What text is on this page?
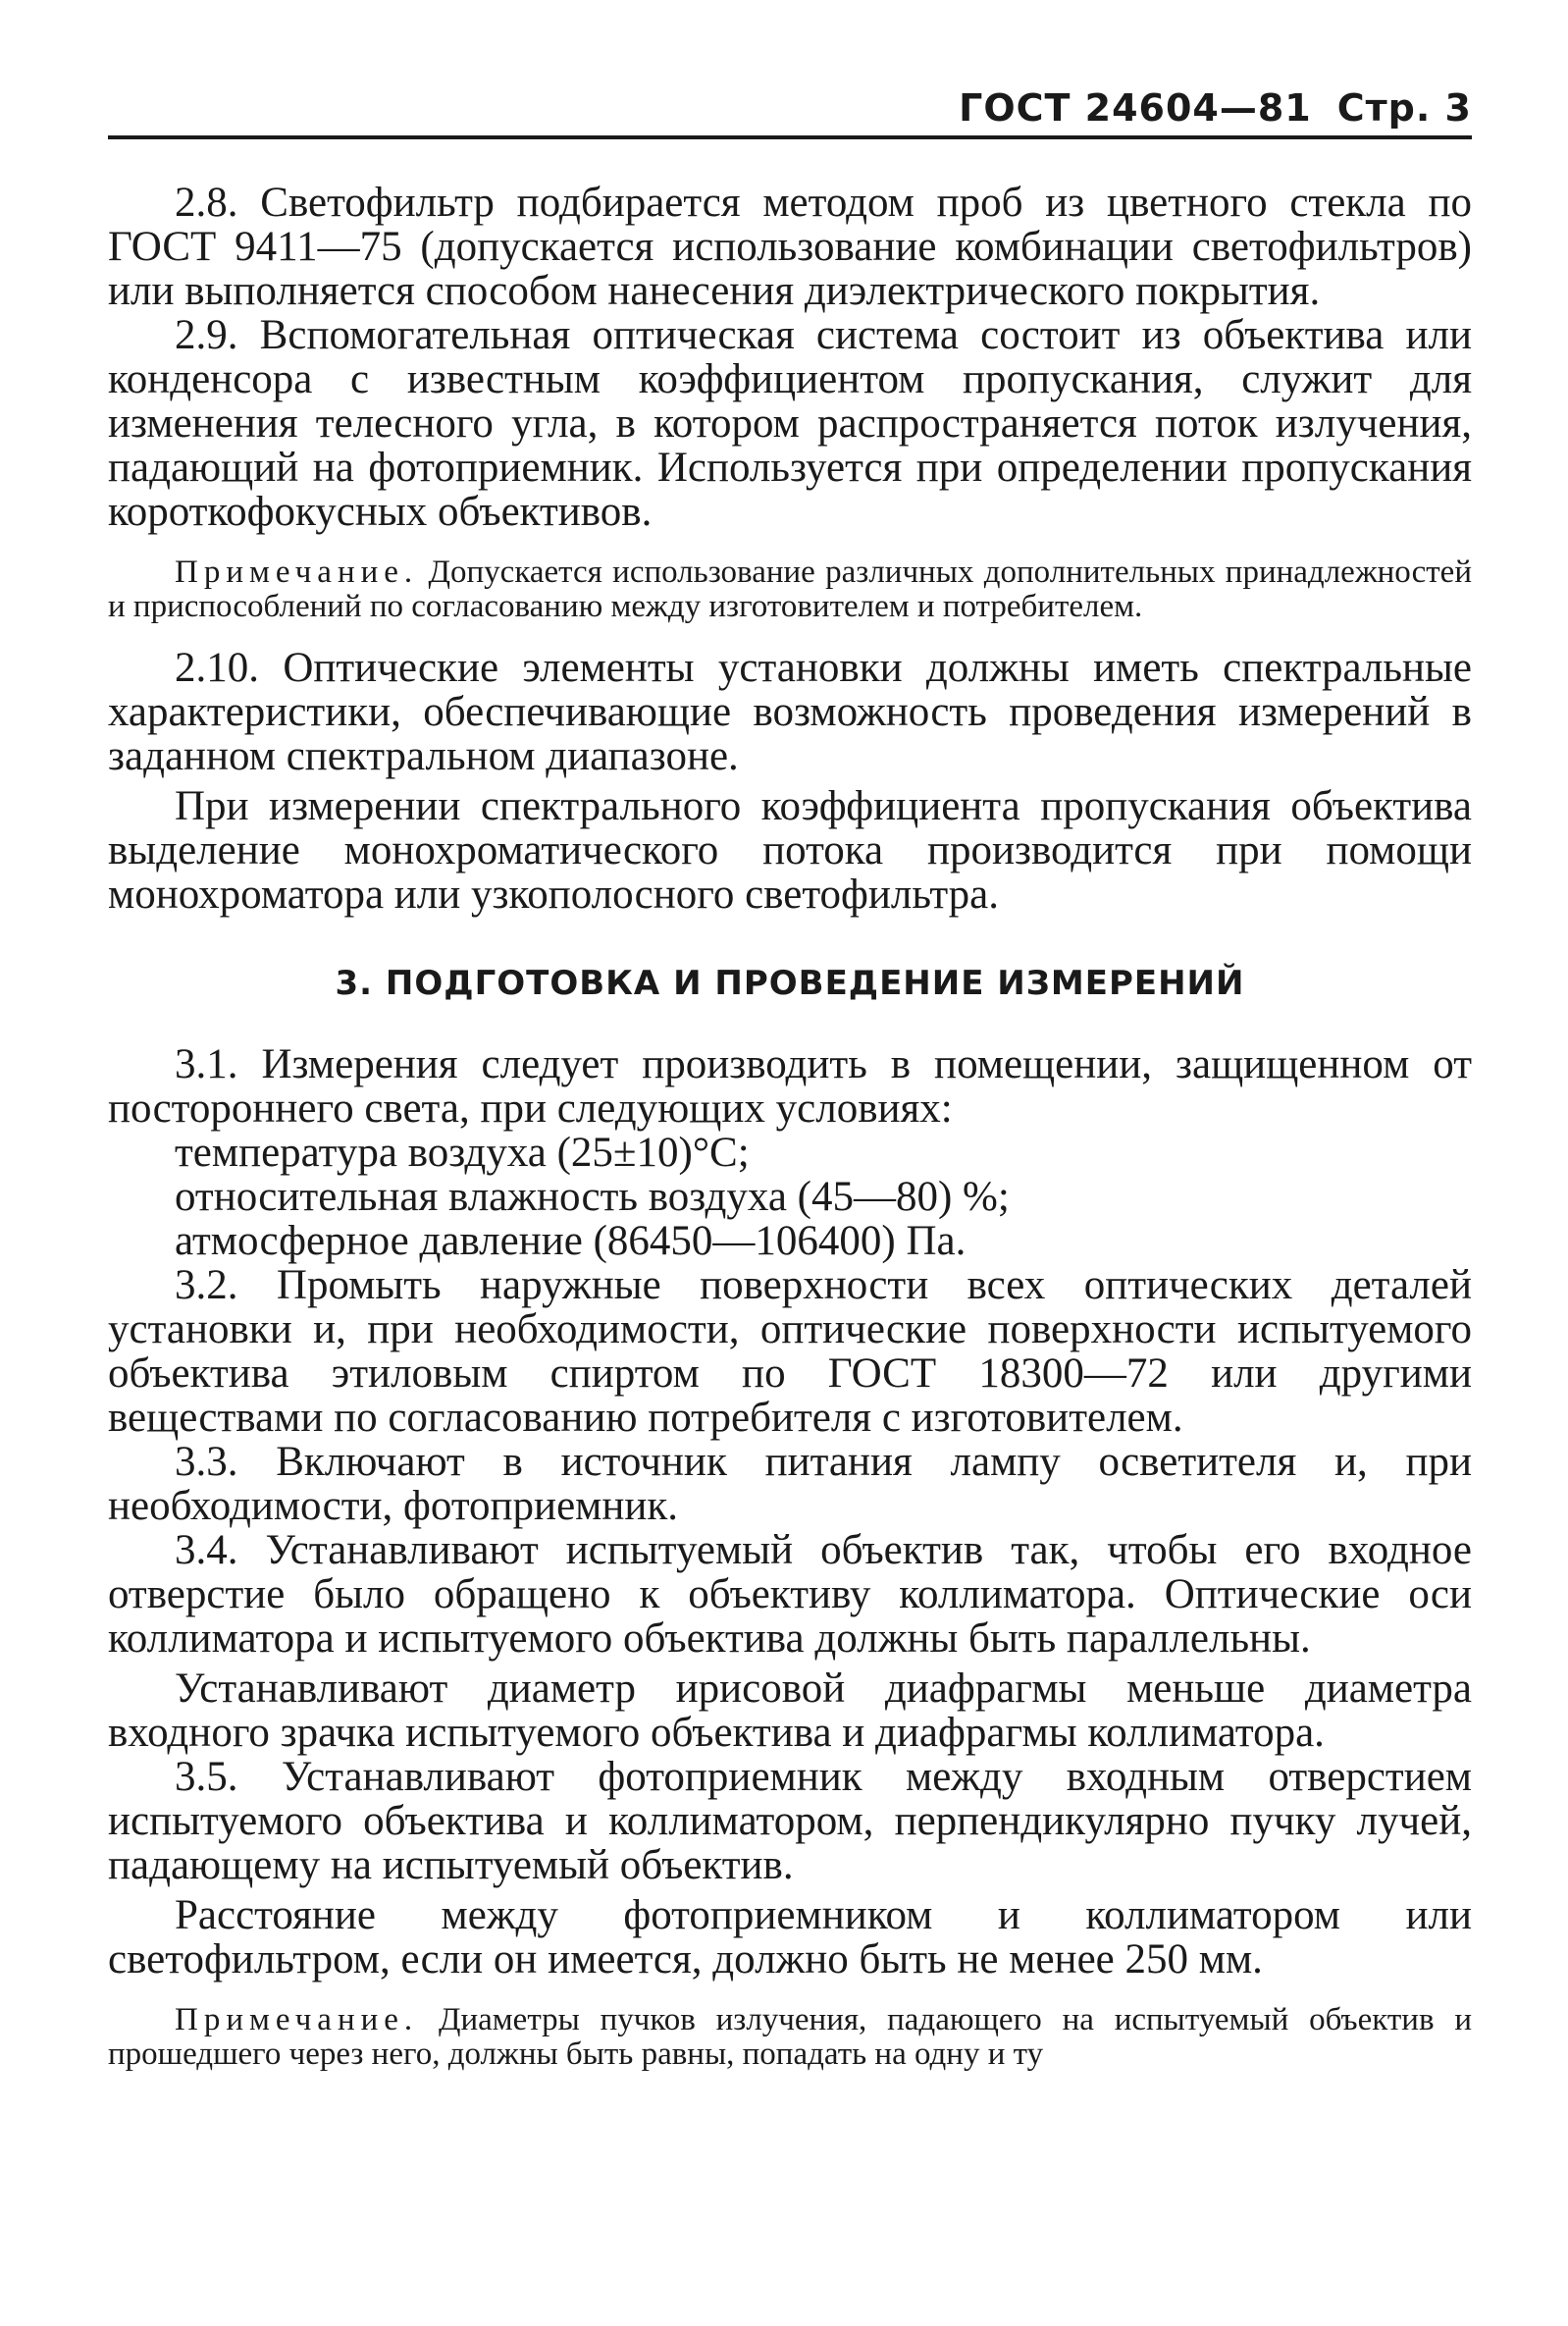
ГОСТ 24604—81 Стр. 3

2.8. Светофильтр подбирается методом проб из цветного стекла по ГОСТ 9411—75 (допускается использование комбинации светофильтров) или выполняется способом нанесения диэлектрического покрытия.

2.9. Вспомогательная оптическая система состоит из объектива или конденсора с известным коэффициентом пропускания, служит для изменения телесного угла, в котором распространяется поток излучения, падающий на фотоприемник. Используется при определении пропускания короткофокусных объективов.

Примечание. Допускается использование различных дополнительных принадлежностей и приспособлений по согласованию между изготовителем и потребителем.

2.10. Оптические элементы установки должны иметь спектральные характеристики, обеспечивающие возможность проведения измерений в заданном спектральном диапазоне.

При измерении спектрального коэффициента пропускания объектива выделение монохроматического потока производится при помощи монохроматора или узкополосного светофильтра.

3. ПОДГОТОВКА И ПРОВЕДЕНИЕ ИЗМЕРЕНИЙ

3.1. Измерения следует производить в помещении, защищенном от постороннего света, при следующих условиях:

температура воздуха (25±10)°С;
относительная влажность воздуха (45—80) %;
атмосферное давление (86450—106400) Па.

3.2. Промыть наружные поверхности всех оптических деталей установки и, при необходимости, оптические поверхности испытуемого объектива этиловым спиртом по ГОСТ 18300—72 или другими веществами по согласованию потребителя с изготовителем.

3.3. Включают в источник питания лампу осветителя и, при необходимости, фотоприемник.

3.4. Устанавливают испытуемый объектив так, чтобы его входное отверстие было обращено к объективу коллиматора. Оптические оси коллиматора и испытуемого объектива должны быть параллельны.

Устанавливают диаметр ирисовой диафрагмы меньше диаметра входного зрачка испытуемого объектива и диафрагмы коллиматора.

3.5. Устанавливают фотоприемник между входным отверстием испытуемого объектива и коллиматором, перпендикулярно пучку лучей, падающему на испытуемый объектив.

Расстояние между фотоприемником и коллиматором или светофильтром, если он имеется, должно быть не менее 250 мм.

Примечание. Диаметры пучков излучения, падающего на испытуемый объектив и прошедшего через него, должны быть равны, попадать на одну и ту
